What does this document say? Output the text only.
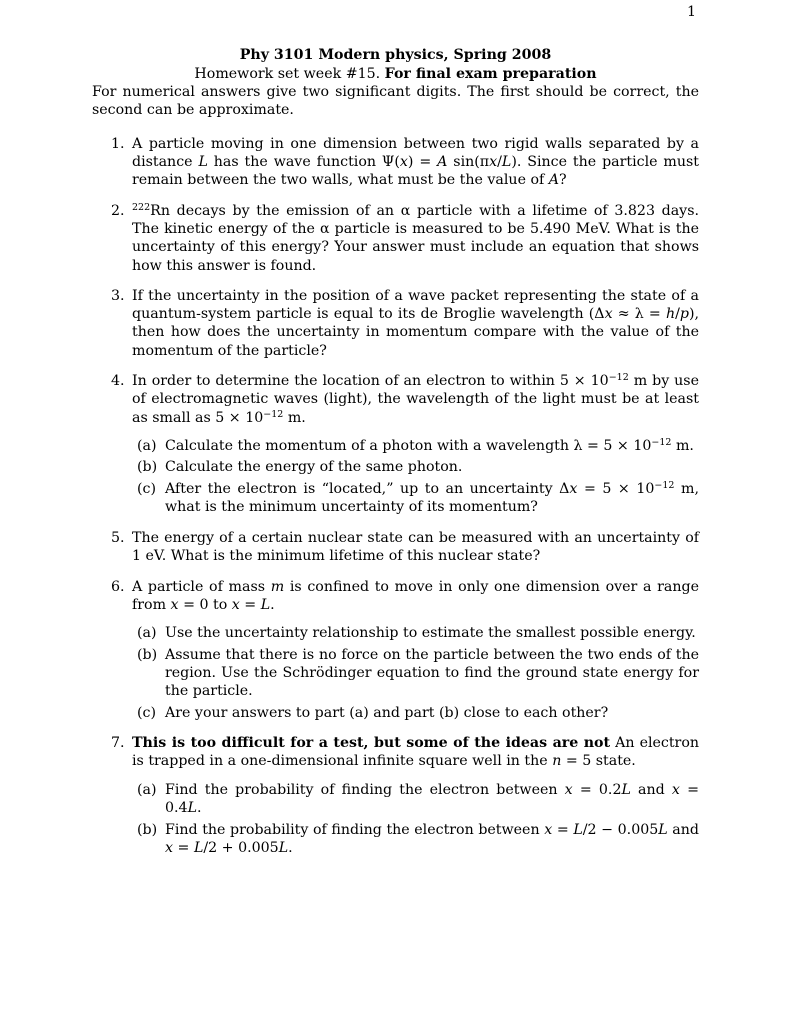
1
Phy 3101 Modern physics, Spring 2008
Homework set week #15. For final exam preparation
For numerical answers give two significant digits. The first should be correct, the second can be approximate.
1. A particle moving in one dimension between two rigid walls separated by a distance L has the wave function Ψ(x) = A sin(πx/L). Since the particle must remain between the two walls, what must be the value of A?
2. $^{222}$Rn decays by the emission of an α particle with a lifetime of 3.823 days. The kinetic energy of the α particle is measured to be 5.490 MeV. What is the uncertainty of this energy? Your answer must include an equation that shows how this answer is found.
3. If the uncertainty in the position of a wave packet representing the state of a quantum-system particle is equal to its de Broglie wavelength (Δx ≈ λ = h/p), then how does the uncertainty in momentum compare with the value of the momentum of the particle?
4. In order to determine the location of an electron to within $5 \times 10^{-12}$ m by use of electromagnetic waves (light), the wavelength of the light must be at least as small as $5 \times 10^{-12}$ m.
(a) Calculate the momentum of a photon with a wavelength $\lambda = 5 \times 10^{-12}$ m.
(b) Calculate the energy of the same photon.
(c) After the electron is “located,” up to an uncertainty $\Delta x = 5 \times 10^{-12}$ m, what is the minimum uncertainty of its momentum?
5. The energy of a certain nuclear state can be measured with an uncertainty of 1 eV. What is the minimum lifetime of this nuclear state?
6. A particle of mass m is confined to move in only one dimension over a range from x = 0 to x = L.
(a) Use the uncertainty relationship to estimate the smallest possible energy.
(b) Assume that there is no force on the particle between the two ends of the region. Use the Schrödinger equation to find the ground state energy for the particle.
(c) Are your answers to part (a) and part (b) close to each other?
7. This is too difficult for a test, but some of the ideas are not An electron is trapped in a one-dimensional infinite square well in the n = 5 state.
(a) Find the probability of finding the electron between x = 0.2L and x = 0.4L.
(b) Find the probability of finding the electron between x = L/2 − 0.005L and x = L/2 + 0.005L.
